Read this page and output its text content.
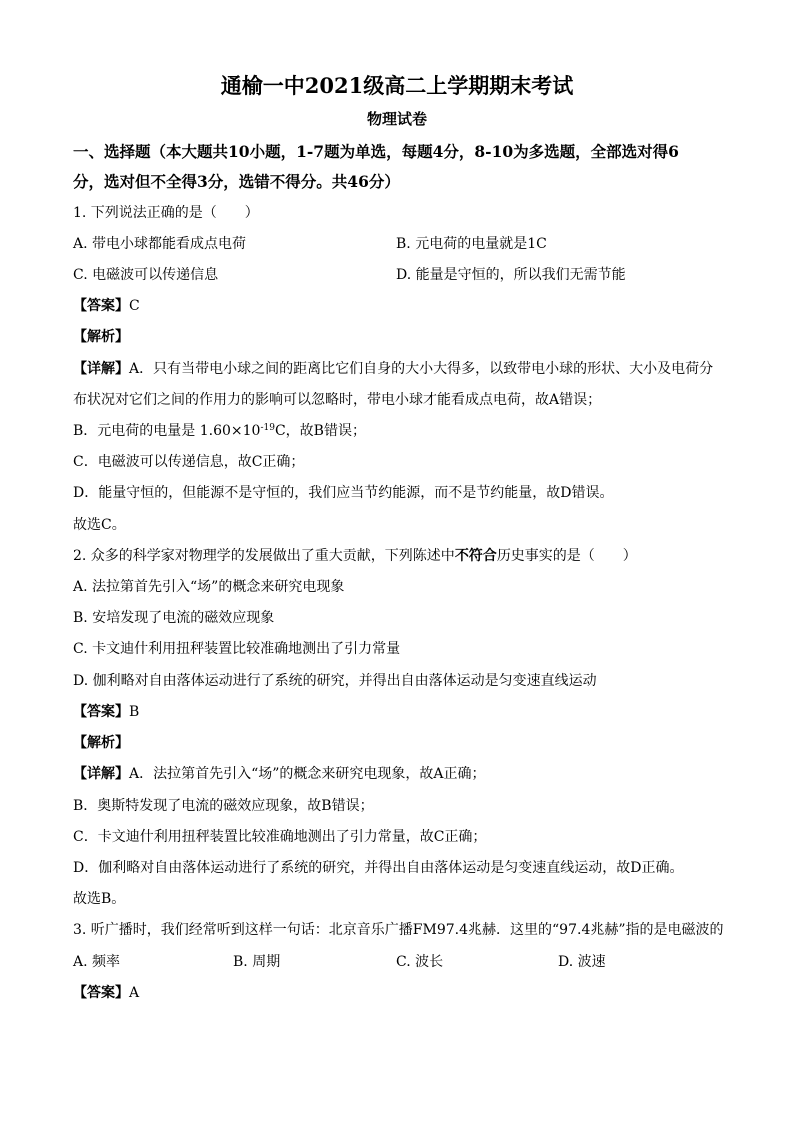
通榆一中2021级高二上学期期末考试
物理试卷
一、选择题（本大题共10小题，1-7题为单选，每题4分，8-10为多选题，全部选对得6
分，选对但不全得3分，选错不得分。共46分）
1. 下列说法正确的是（　　）
A. 带电小球都能看成点电荷	B. 元电荷的电量就是1C
C. 电磁波可以传递信息	D. 能量是守恒的，所以我们无需节能
【答案】C
【解析】
【详解】A．只有当带电小球之间的距离比它们自身的大小大得多，以致带电小球的形状、大小及电荷分
布状况对它们之间的作用力的影响可以忽略时，带电小球才能看成点电荷，故A错误；
B．元电荷的电量是 $1.60\times 10^{-19}C$，故B错误；
C．电磁波可以传递信息，故C正确；
D．能量守恒的，但能源不是守恒的，我们应当节约能源，而不是节约能量，故D错误。
故选C。
2. 众多的科学家对物理学的发展做出了重大贡献，下列陈述中不符合历史事实的是（　　）
A. 法拉第首先引入“场”的概念来研究电现象
B. 安培发现了电流的磁效应现象
C. 卡文迪什利用扭秤装置比较准确地测出了引力常量
D. 伽利略对自由落体运动进行了系统的研究，并得出自由落体运动是匀变速直线运动
【答案】B
【解析】
【详解】A．法拉第首先引入“场”的概念来研究电现象，故A正确；
B．奥斯特发现了电流的磁效应现象，故B错误；
C．卡文迪什利用扭秤装置比较准确地测出了引力常量，故C正确；
D．伽利略对自由落体运动进行了系统的研究，并得出自由落体运动是匀变速直线运动，故D正确。
故选B。
3. 听广播时，我们经常听到这样一句话：北京音乐广播FM97.4兆赫．这里的“97.4兆赫”指的是电磁波的
A. 频率	B. 周期	C. 波长	D. 波速
【答案】A
